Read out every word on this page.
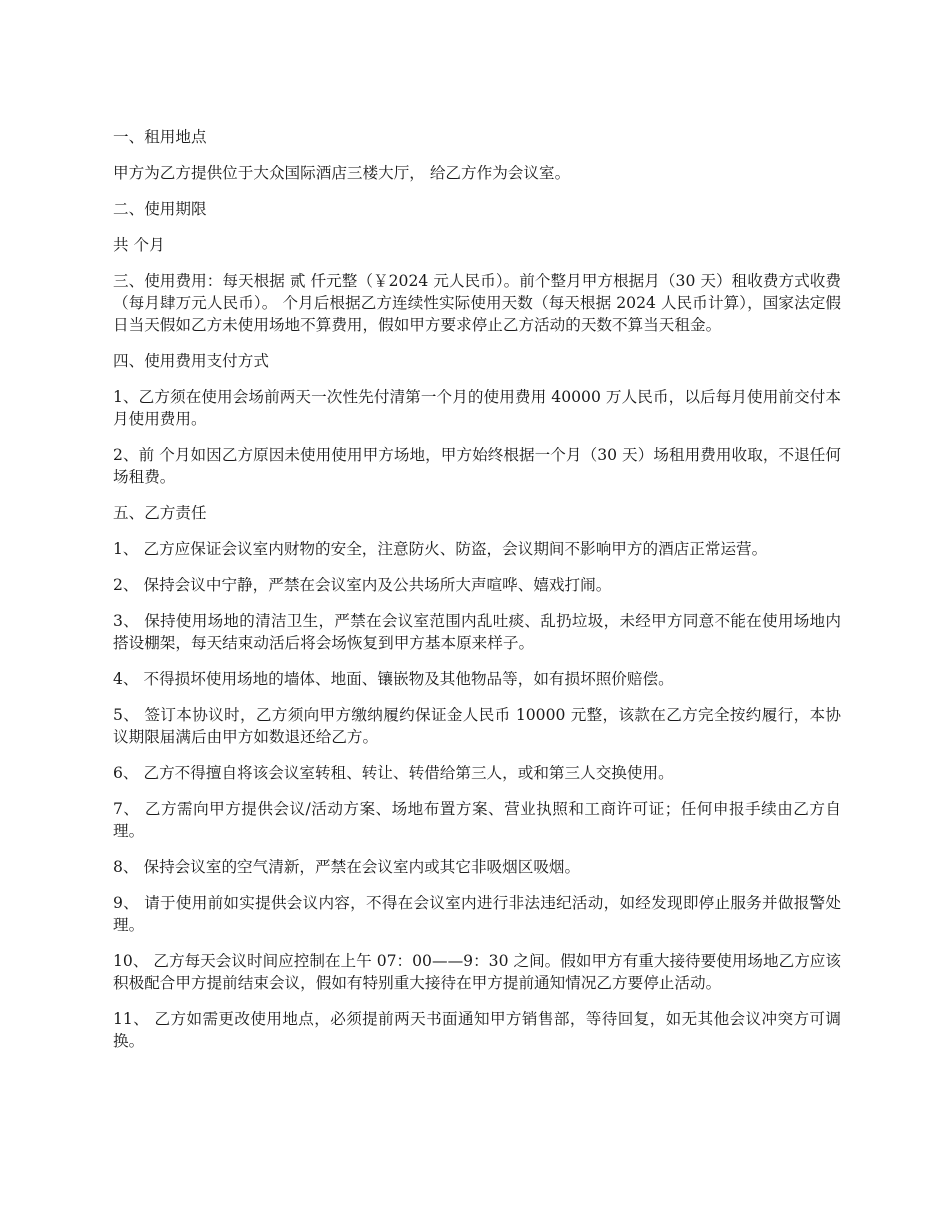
一、租用地点

甲方为乙方提供位于大众国际酒店三楼大厅， 给乙方作为会议室。

二、使用期限

共 个月

三、使用费用：每天根据 贰 仟元整（￥2024 元人民币）。前个整月甲方根据月（30 天）租收费方式收费 （每月肆万元人民币）。 个月后根据乙方连续性实际使用天数（每天根据 2024 人民币计算），国家法定假日当天假如乙方未使用场地不算费用，假如甲方要求停止乙方活动的天数不算当天租金。

四、使用费用支付方式

1、乙方须在使用会场前两天一次性先付清第一个月的使用费用 40000 万人民币，以后每月使用前交付本月使用费用。

2、前 个月如因乙方原因未使用使用甲方场地，甲方始终根据一个月（30 天）场租用费用收取，不退任何场租费。

五、乙方责任

1、 乙方应保证会议室内财物的安全，注意防火、防盗，会议期间不影响甲方的酒店正常运营。

2、 保持会议中宁静，严禁在会议室内及公共场所大声喧哗、嬉戏打闹。

3、 保持使用场地的清洁卫生，严禁在会议室范围内乱吐痰、乱扔垃圾，未经甲方同意不能在使用场地内搭设棚架，每天结束动活后将会场恢复到甲方基本原来样子。

4、 不得损坏使用场地的墙体、地面、镶嵌物及其他物品等，如有损坏照价赔偿。

5、 签订本协议时，乙方须向甲方缴纳履约保证金人民币 10000 元整，该款在乙方完全按约履行，本协议期限届满后由甲方如数退还给乙方。

6、 乙方不得擅自将该会议室转租、转让、转借给第三人，或和第三人交换使用。

7、 乙方需向甲方提供会议/活动方案、场地布置方案、营业执照和工商许可证；任何申报手续由乙方自理。

8、 保持会议室的空气清新，严禁在会议室内或其它非吸烟区吸烟。

9、 请于使用前如实提供会议内容，不得在会议室内进行非法违纪活动，如经发现即停止服务并做报警处理。

10、 乙方每天会议时间应控制在上午 07：00——9：30 之间。假如甲方有重大接待要使用场地乙方应该积极配合甲方提前结束会议，假如有特别重大接待在甲方提前通知情况乙方要停止活动。

11、 乙方如需更改使用地点，必须提前两天书面通知甲方销售部，等待回复，如无其他会议冲突方可调换。
